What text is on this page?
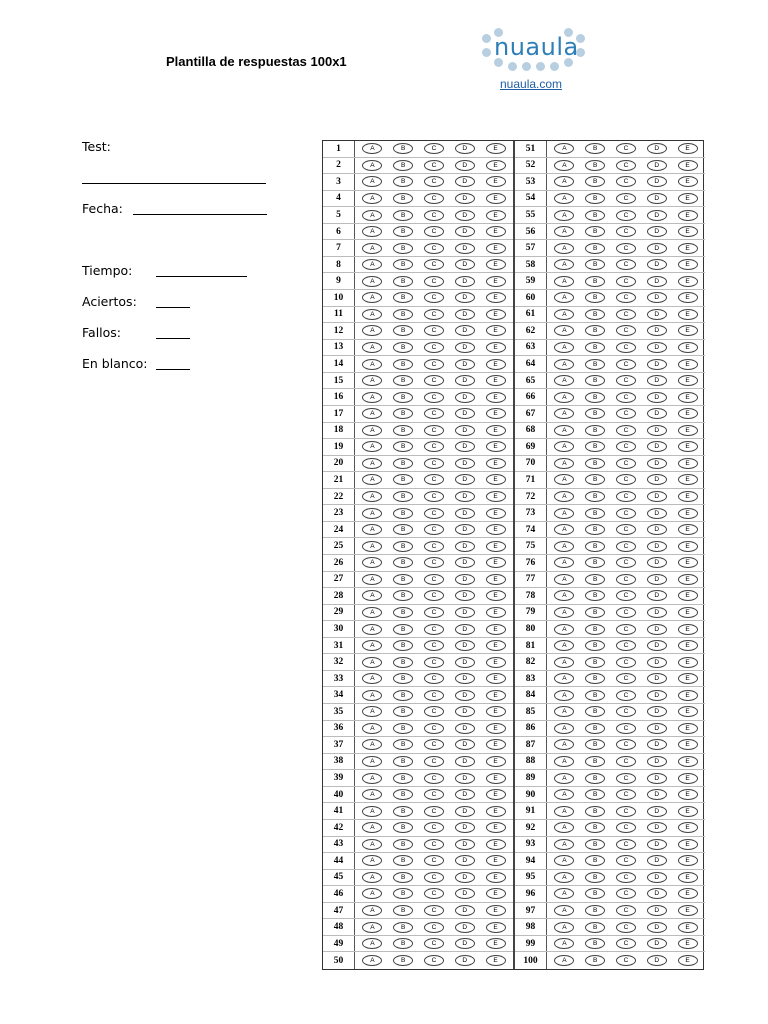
Plantilla de respuestas 100x1
nuaula
nuaula.com
Test:
Fecha:
Tiempo:
Aciertos:
Fallos:
En blanco:
1	A	B	C	D	E
2	A	B	C	D	E
3	A	B	C	D	E
4	A	B	C	D	E
5	A	B	C	D	E
6	A	B	C	D	E
7	A	B	C	D	E
8	A	B	C	D	E
9	A	B	C	D	E
10	A	B	C	D	E
11	A	B	C	D	E
12	A	B	C	D	E
13	A	B	C	D	E
14	A	B	C	D	E
15	A	B	C	D	E
16	A	B	C	D	E
17	A	B	C	D	E
18	A	B	C	D	E
19	A	B	C	D	E
20	A	B	C	D	E
21	A	B	C	D	E
22	A	B	C	D	E
23	A	B	C	D	E
24	A	B	C	D	E
25	A	B	C	D	E
26	A	B	C	D	E
27	A	B	C	D	E
28	A	B	C	D	E
29	A	B	C	D	E
30	A	B	C	D	E
31	A	B	C	D	E
32	A	B	C	D	E
33	A	B	C	D	E
34	A	B	C	D	E
35	A	B	C	D	E
36	A	B	C	D	E
37	A	B	C	D	E
38	A	B	C	D	E
39	A	B	C	D	E
40	A	B	C	D	E
41	A	B	C	D	E
42	A	B	C	D	E
43	A	B	C	D	E
44	A	B	C	D	E
45	A	B	C	D	E
46	A	B	C	D	E
47	A	B	C	D	E
48	A	B	C	D	E
49	A	B	C	D	E
50	A	B	C	D	E
51	A	B	C	D	E
52	A	B	C	D	E
53	A	B	C	D	E
54	A	B	C	D	E
55	A	B	C	D	E
56	A	B	C	D	E
57	A	B	C	D	E
58	A	B	C	D	E
59	A	B	C	D	E
60	A	B	C	D	E
61	A	B	C	D	E
62	A	B	C	D	E
63	A	B	C	D	E
64	A	B	C	D	E
65	A	B	C	D	E
66	A	B	C	D	E
67	A	B	C	D	E
68	A	B	C	D	E
69	A	B	C	D	E
70	A	B	C	D	E
71	A	B	C	D	E
72	A	B	C	D	E
73	A	B	C	D	E
74	A	B	C	D	E
75	A	B	C	D	E
76	A	B	C	D	E
77	A	B	C	D	E
78	A	B	C	D	E
79	A	B	C	D	E
80	A	B	C	D	E
81	A	B	C	D	E
82	A	B	C	D	E
83	A	B	C	D	E
84	A	B	C	D	E
85	A	B	C	D	E
86	A	B	C	D	E
87	A	B	C	D	E
88	A	B	C	D	E
89	A	B	C	D	E
90	A	B	C	D	E
91	A	B	C	D	E
92	A	B	C	D	E
93	A	B	C	D	E
94	A	B	C	D	E
95	A	B	C	D	E
96	A	B	C	D	E
97	A	B	C	D	E
98	A	B	C	D	E
99	A	B	C	D	E
100	A	B	C	D	E
